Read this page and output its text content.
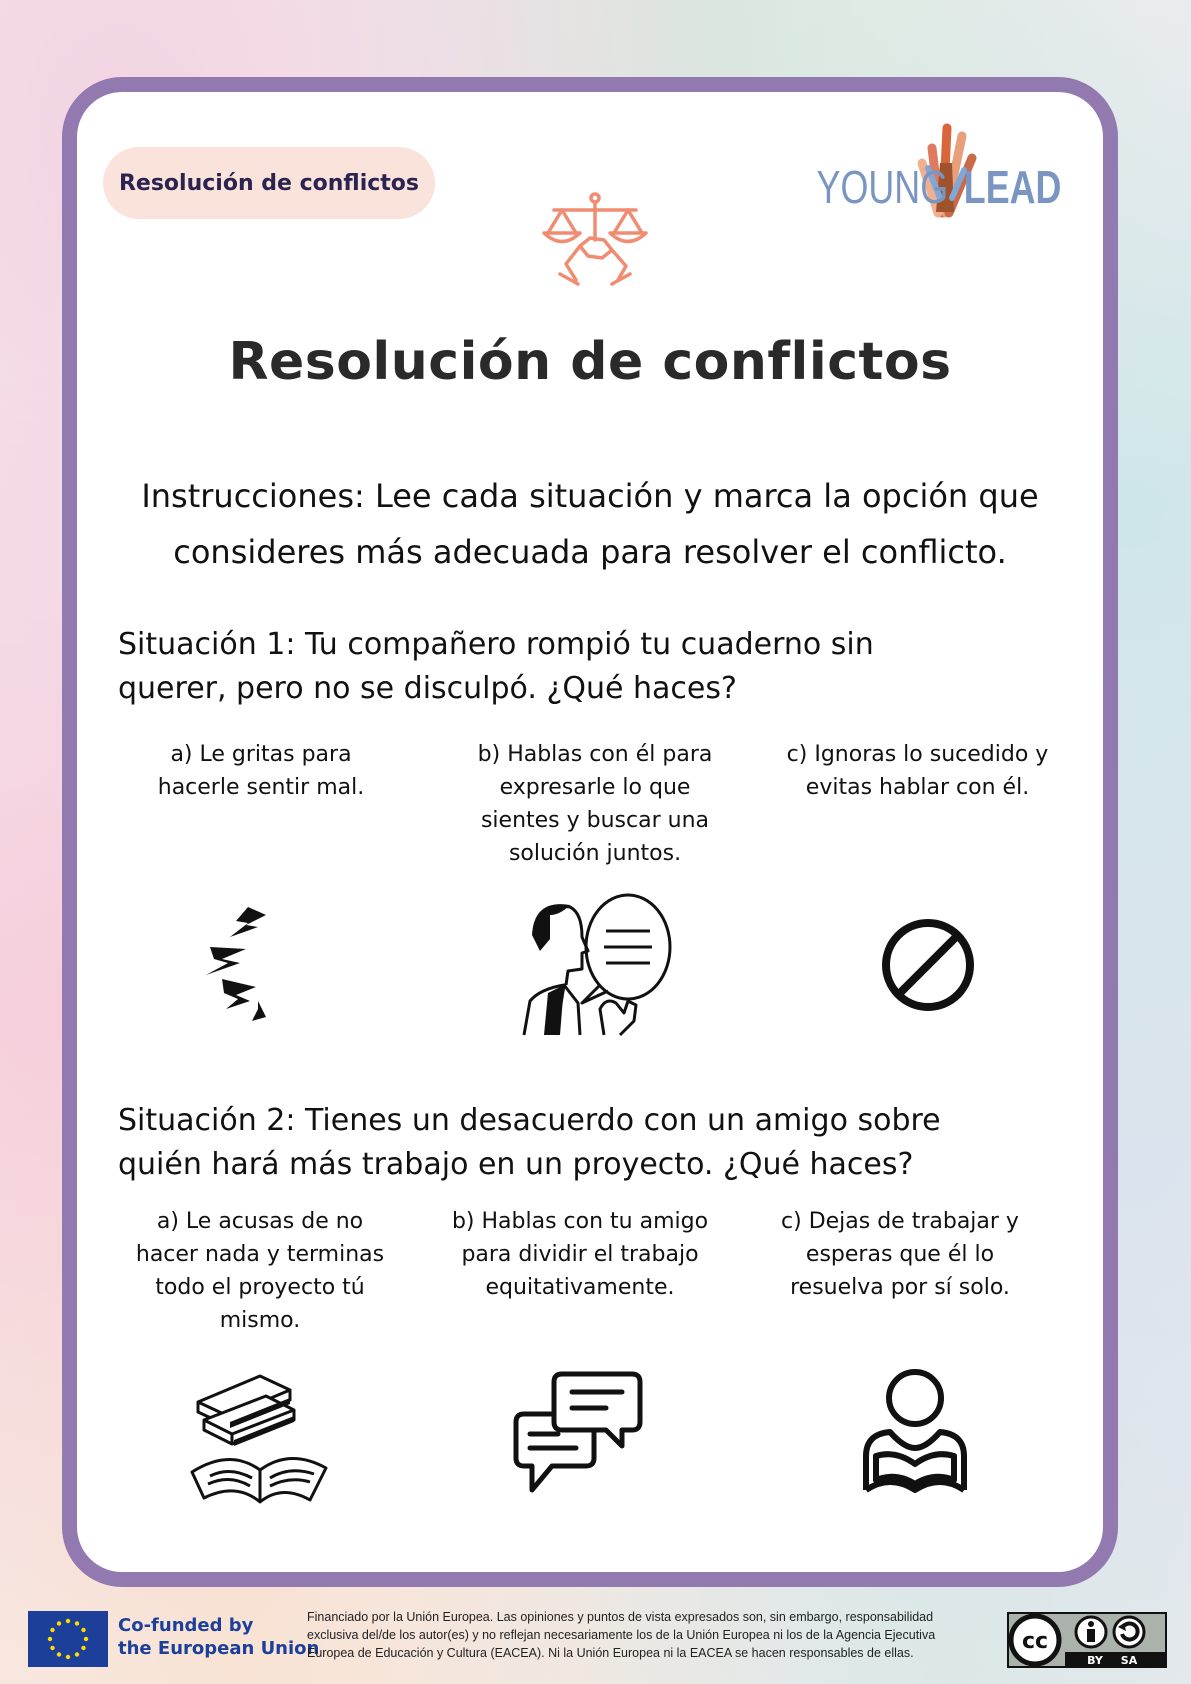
Resolución de conflictos	YOUNG LEAD
Resolución de conflictos
Instrucciones: Lee cada situación y marca la opción que
consideres más adecuada para resolver el conflicto.
Situación 1: Tu compañero rompió tu cuaderno sin
querer, pero no se disculpó. ¿Qué haces?
a) Le gritas para
hacerle sentir mal.
b) Hablas con él para
expresarle lo que
sientes y buscar una
solución juntos.
c) Ignoras lo sucedido y
evitas hablar con él.
Situación 2: Tienes un desacuerdo con un amigo sobre
quién hará más trabajo en un proyecto. ¿Qué haces?
a) Le acusas de no
hacer nada y terminas
todo el proyecto tú
mismo.
b) Hablas con tu amigo
para dividir el trabajo
equitativamente.
c) Dejas de trabajar y
esperas que él lo
resuelva por sí solo.
Co-funded by
the European Union
Financiado por la Unión Europea. Las opiniones y puntos de vista expresados son, sin embargo, responsabilidad
exclusiva del/de los autor(es) y no reflejan necesariamente los de la Unión Europea ni los de la Agencia Ejecutiva
Europea de Educación y Cultura (EACEA). Ni la Unión Europea ni la EACEA se hacen responsables de ellas.	cc
BY SA
